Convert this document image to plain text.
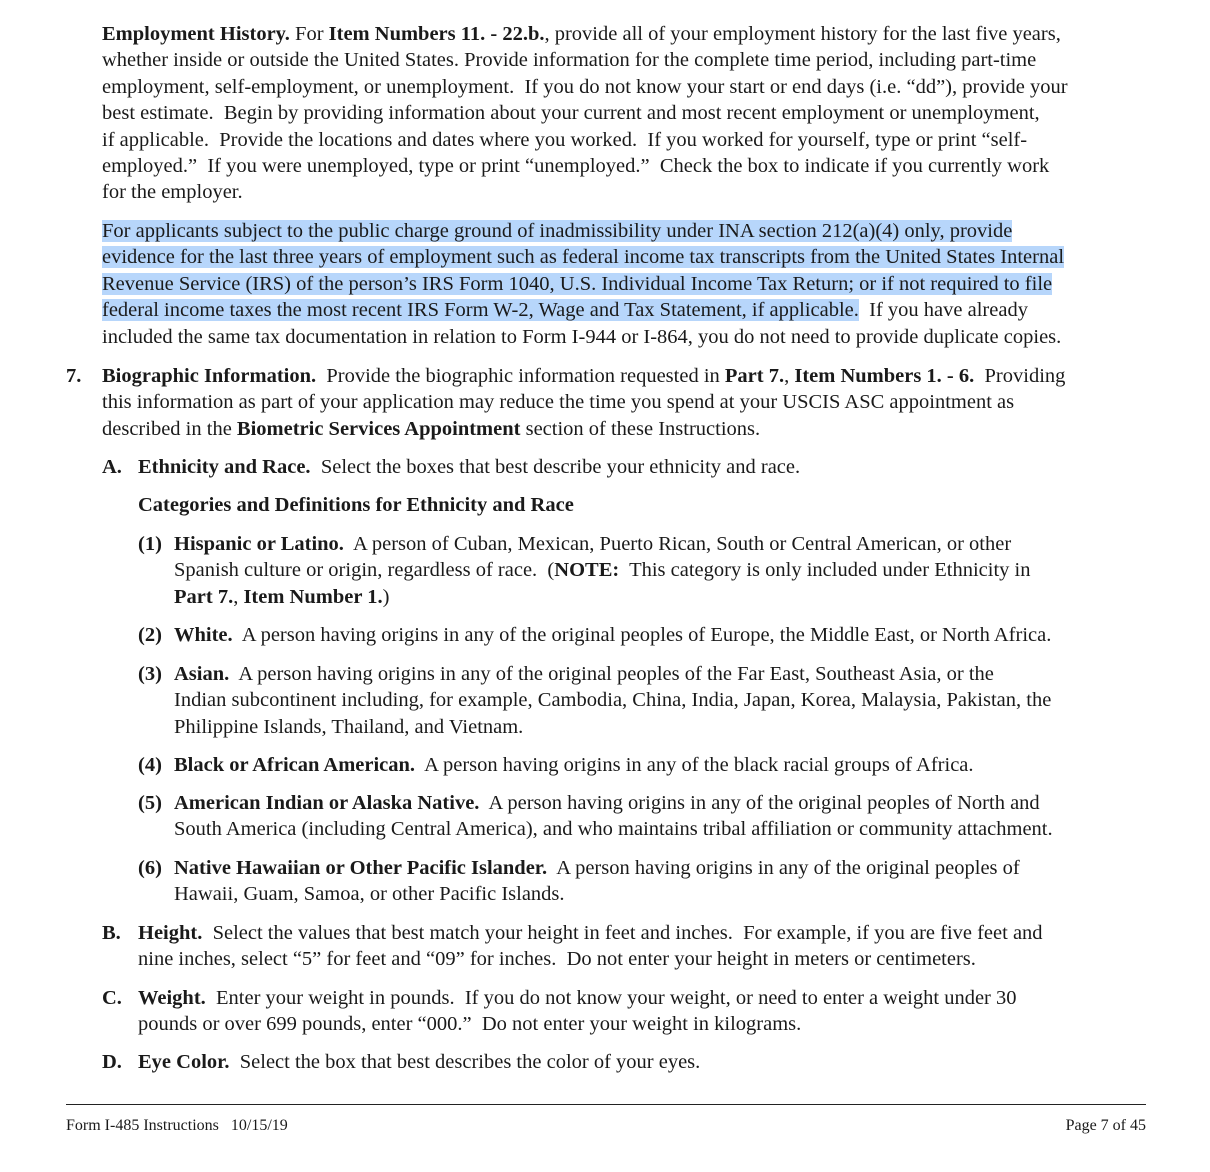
Employment History. For Item Numbers 11. - 22.b., provide all of your employment history for the last five years,
whether inside or outside the United States. Provide information for the complete time period, including part-time
employment, self-employment, or unemployment.  If you do not know your start or end days (i.e. “dd”), provide your
best estimate.  Begin by providing information about your current and most recent employment or unemployment,
if applicable.  Provide the locations and dates where you worked.  If you worked for yourself, type or print “self-
employed.”  If you were unemployed, type or print “unemployed.”  Check the box to indicate if you currently work
for the employer.
For applicants subject to the public charge ground of inadmissibility under INA section 212(a)(4) only, provide
evidence for the last three years of employment such as federal income tax transcripts from the United States Internal
Revenue Service (IRS) of the person’s IRS Form 1040, U.S. Individual Income Tax Return; or if not required to file
federal income taxes the most recent IRS Form W-2, Wage and Tax Statement, if applicable.  If you have already
included the same tax documentation in relation to Form I-944 or I-864, you do not need to provide duplicate copies.
7. Biographic Information.  Provide the biographic information requested in Part 7., Item Numbers 1. - 6.  Providing
this information as part of your application may reduce the time you spend at your USCIS ASC appointment as
described in the Biometric Services Appointment section of these Instructions.
A. Ethnicity and Race.  Select the boxes that best describe your ethnicity and race.
Categories and Definitions for Ethnicity and Race
(1) Hispanic or Latino.  A person of Cuban, Mexican, Puerto Rican, South or Central American, or other
Spanish culture or origin, regardless of race.  (NOTE:  This category is only included under Ethnicity in
Part 7., Item Number 1.)
(2) White.  A person having origins in any of the original peoples of Europe, the Middle East, or North Africa.
(3) Asian.  A person having origins in any of the original peoples of the Far East, Southeast Asia, or the
Indian subcontinent including, for example, Cambodia, China, India, Japan, Korea, Malaysia, Pakistan, the
Philippine Islands, Thailand, and Vietnam.
(4) Black or African American.  A person having origins in any of the black racial groups of Africa.
(5) American Indian or Alaska Native.  A person having origins in any of the original peoples of North and
South America (including Central America), and who maintains tribal affiliation or community attachment.
(6) Native Hawaiian or Other Pacific Islander.  A person having origins in any of the original peoples of
Hawaii, Guam, Samoa, or other Pacific Islands.
B. Height.  Select the values that best match your height in feet and inches.  For example, if you are five feet and
nine inches, select “5” for feet and “09” for inches.  Do not enter your height in meters or centimeters.
C. Weight.  Enter your weight in pounds.  If you do not know your weight, or need to enter a weight under 30
pounds or over 699 pounds, enter “000.”  Do not enter your weight in kilograms.
D. Eye Color.  Select the box that best describes the color of your eyes.
Form I-485 Instructions   10/15/19	Page 7 of 45
